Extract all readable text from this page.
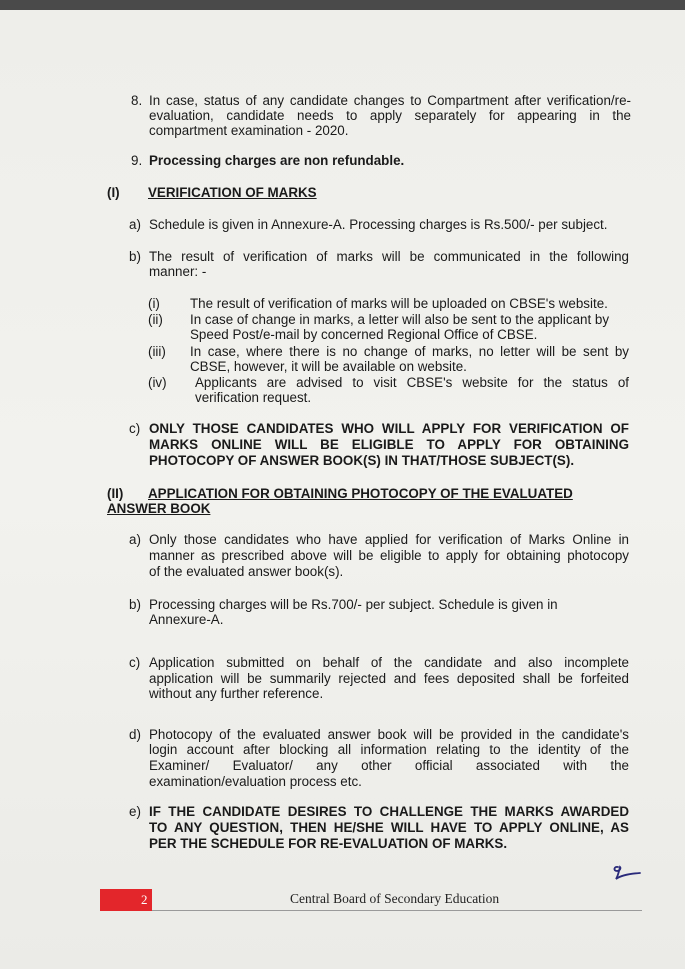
8. In case, status of any candidate changes to Compartment after verification/re-
evaluation, candidate needs to apply separately for appearing in the
compartment examination - 2020.
9. Processing charges are non refundable.
(I) VERIFICATION OF MARKS
a) Schedule is given in Annexure-A. Processing charges is Rs.500/- per subject.
b) The result of verification of marks will be communicated in the following
manner: -
(i) The result of verification of marks will be uploaded on CBSE's website.
(ii) In case of change in marks, a letter will also be sent to the applicant by
Speed Post/e-mail by concerned Regional Office of CBSE.
(iii) In case, where there is no change of marks, no letter will be sent by
CBSE, however, it will be available on website.
(iv) Applicants are advised to visit CBSE's website for the status of
verification request.
c) ONLY THOSE CANDIDATES WHO WILL APPLY FOR VERIFICATION OF
MARKS ONLINE WILL BE ELIGIBLE TO APPLY FOR OBTAINING
PHOTOCOPY OF ANSWER BOOK(S) IN THAT/THOSE SUBJECT(S).
(II) APPLICATION FOR OBTAINING PHOTOCOPY OF THE EVALUATED
ANSWER BOOK
a) Only those candidates who have applied for verification of Marks Online in
manner as prescribed above will be eligible to apply for obtaining photocopy
of the evaluated answer book(s).
b) Processing charges will be Rs.700/- per subject. Schedule is given in
Annexure-A.
c) Application submitted on behalf of the candidate and also incomplete
application will be summarily rejected and fees deposited shall be forfeited
without any further reference.
d) Photocopy of the evaluated answer book will be provided in the candidate's
login account after blocking all information relating to the identity of the
Examiner/ Evaluator/ any other official associated with the
examination/evaluation process etc.
e) IF THE CANDIDATE DESIRES TO CHALLENGE THE MARKS AWARDED
TO ANY QUESTION, THEN HE/SHE WILL HAVE TO APPLY ONLINE, AS
PER THE SCHEDULE FOR RE-EVALUATION OF MARKS.
2	Central Board of Secondary Education
